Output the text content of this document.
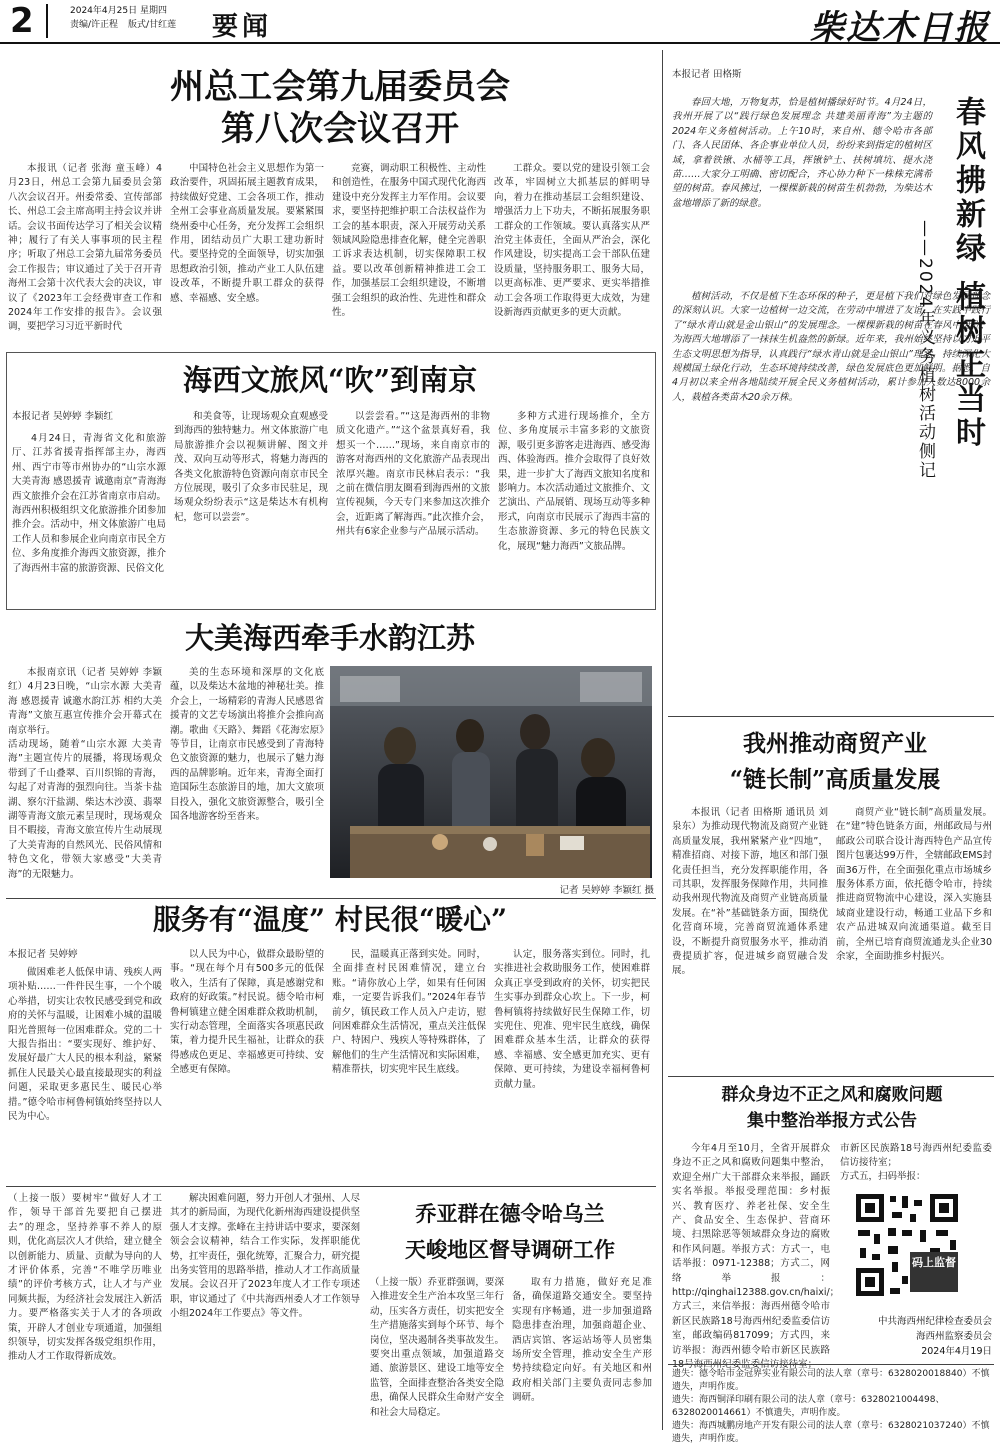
2	2024年4月25日 星期四
责编/许正程 版式/甘红莲	要闻	柴达木日报
州总工会第九届委员会
第八次会议召开
本报讯（记者 张海 童玉峰）4月23日，州总工会第九届委员会第八次会议召开。州委常委、宣传部部长、州总工会主席高明主持会议并讲话。会议书面传达学习了相关会议精神；履行了有关人事事项的民主程序；听取了州总工会第九届常务委员会工作报告；审议通过了关于召开青海州工会第十次代表大会的决议，审议了《2023年工会经费审查工作和2024年工作安排的报告》。会议强调，要把学习习近平新时代
中国特色社会主义思想作为第一政治要件，巩固拓展主题教育成果，持续做好党建、工会各项工作，推动全州工会事业高质量发展。要紧紧围绕州委中心任务，充分发挥工会组织作用，团结动员广大职工建功新时代。要坚持党的全面领导，切实加强思想政治引领，推动产业工人队伍建设改革，不断提升职工群众的获得感、幸福感、安全感。
竞赛，调动职工积极性、主动性和创造性，在服务中国式现代化海西建设中充分发挥主力军作用。会议要求，要坚持把维护职工合法权益作为工会的基本职责，深入开展劳动关系领域风险隐患排查化解，健全完善职工诉求表达机制，切实保障职工权益。要以改革创新精神推进工会工作，加强基层工会组织建设，不断增强工会组织的政治性、先进性和群众性。
工群众。要以党的建设引领工会改革，牢固树立大抓基层的鲜明导向，着力在推动基层工会组织建设、增强活力上下功夫，不断拓展服务职工群众的工作领域。要认真落实从严治党主体责任，全面从严治会，深化作风建设，切实提高工会干部队伍建设质量，坚持服务职工、服务大局，以更高标准、更严要求、更实举措推动工会各项工作取得更大成效，为建设新海西贡献更多的更大贡献。
海西文旅风“吹”到南京
本报记者 吴婷婷 李颖红
4月24日，青海省文化和旅游厅、江苏省援青指挥部主办，海西州、西宁市等市州协办的“山宗水源 大美青海 感恩援青 诚邀南京”青海海西文旅推介会在江苏省南京市启动。海西州积极组织文化旅游推介团参加推介会。活动中，州文体旅游广电局工作人员和参展企业向南京市民全方位、多角度推介海西文旅资源，推介了海西州丰富的旅游资源、民俗文化
和美食等，让现场观众直观感受到海西的独特魅力。州文体旅游广电局旅游推介会以视频讲解、图文并茂、双向互动等形式，将魅力海西的各类文化旅游特色资源向南京市民全方位展现，吸引了众多市民驻足，现场观众纷纷表示“这是柴达木有机枸杞，您可以尝尝”。
以尝尝看。”“这是海西州的非物质文化遗产。”“这个盆景真好看，我想买一个……”现场，来自南京市的游客对海西州的文化旅游产品表现出浓厚兴趣。南京市民林启表示：“我之前在微信朋友圈看到海西州的文旅宣传视频，今天专门来参加这次推介会，近距离了解海西。”此次推介会，州共有6家企业参与产品展示活动。
多种方式进行现场推介，全方位、多角度展示丰富多彩的文旅资源，吸引更多游客走进海西、感受海西、体验海西。推介会取得了良好效果，进一步扩大了海西文旅知名度和影响力。本次活动通过文旅推介、文艺演出、产品展销、现场互动等多种形式，向南京市民展示了海西丰富的生态旅游资源、多元的特色民族文化，展现“魅力海西”文旅品牌。
大美海西牵手水韵江苏
本报南京讯（记者 吴婷婷 李颖红）4月23日晚，“山宗水源 大美青海 感恩援青 诚邀水韵江苏 相约大美青海”文旅互惠宣传推介会开幕式在南京举行。
活动现场，随着“山宗水源 大美青海”主题宣传片的展播，将现场观众带到了千山叠翠、百川织锦的青海，勾起了对青海的强烈向往。当茶卡盐湖、察尔汗盐湖、柴达木沙漠、翡翠湖等青海文旅元素呈现时，现场观众目不暇接，青海文旅宣传片生动展现了大美青海的自然风光、民俗风情和特色文化，带领大家感受“大美青海”的无限魅力。
美的生态环境和深厚的文化底蕴，以及柴达木盆地的神秘壮美。推介会上，一场精彩的青海人民感恩省援青的文艺专场演出将推介会推向高潮。歌曲《天路》、舞蹈《花海宏原》等节目，让南京市民感受到了青海特色文旅资源的魅力，也展示了魅力海西的品牌影响。近年来，青海全面打造国际生态旅游目的地，加大文旅项目投入，强化文旅资源整合，吸引全国各地游客纷至沓来。
记者 吴婷婷 李颖红 摄
服务有“温度” 村民很“暖心”
本报记者 吴婷婷
做困难老人低保申请、残疾人两项补贴……一件件民生事，一个个暖心举措，切实让农牧民感受到党和政府的关怀与温暖，让困难小城的温暖阳光普照每一位困难群众。党的二十大报告指出：“要实现好、维护好、发展好最广大人民的根本利益，紧紧抓住人民最关心最直接最现实的利益问题，采取更多惠民生、暖民心举措。”德令哈市柯鲁柯镇始终坚持以人民为中心。
以人民为中心，做群众最盼望的事。“现在每个月有500多元的低保收入，生活有了保障，真是感谢党和政府的好政策。”村民说。德令哈市柯鲁柯镇建立健全困难群众救助机制，实行动态管理，全面落实各项惠民政策，着力提升民生福祉，让群众的获得感成色更足、幸福感更可持续、安全感更有保障。
民，温暖真正落到实处。同时，全面排查村民困难情况，建立台账。“请你放心上学，如果有任何困难，一定要告诉我们。”2024年春节前夕，镇民政工作人员入户走访，慰问困难群众生活情况，重点关注低保户、特困户、残疾人等特殊群体，了解他们的生产生活情况和实际困难，精准帮扶，切实兜牢民生底线。
认定，服务落实到位。同时，扎实推进社会救助服务工作，使困难群众真正享受到政府的关怀，切实把民生实事办到群众心坎上。下一步，柯鲁柯镇将持续做好民生保障工作，切实兜住、兜准、兜牢民生底线，确保困难群众基本生活，让群众的获得感、幸福感、安全感更加充实、更有保障、更可持续，为建设幸福柯鲁柯贡献力量。
（上接一版）要树牢“做好人才工作，领导干部首先要把自己摆进去”的理念，坚持养事不养人的原则，优化高层次人才供给，建立健全以创新能力、质量、贡献为导向的人才评价体系，完善“不唯学历唯业绩”的评价考核方式，让人才与产业同频共振，为经济社会发展注入新活力。要严格落实关于人才的各项政策，开辟人才创业专项通道，加强组织领导，切实发挥各级党组织作用，推动人才工作取得新成效。
解决困难问题，努力开创人才强州、人尽其才的新局面，为现代化新州海西建设提供坚强人才支撑。张峰在主持讲话中要求，要深刻领会会议精神，结合工作实际，发挥职能优势，扛牢责任，强化统筹，汇聚合力，研究提出务实管用的思路举措，推动人才工作高质量发展。会议召开了2023年度人才工作专项述职，审议通过了《中共海西州委人才工作领导小组2024年工作要点》等文件。
乔亚群在德令哈乌兰
天峻地区督导调研工作
（上接一版）乔亚群强调，要深入推进安全生产治本攻坚三年行动，压实各方责任，切实把安全生产措施落实到每个环节、每个岗位，坚决遏制各类事故发生。要突出重点领域，加强道路交通、旅游景区、建设工地等安全监管，全面排查整治各类安全隐患，确保人民群众生命财产安全和社会大局稳定。
取有力措施，做好充足准备，确保道路交通安全。要坚持实现有序畅通，进一步加强道路隐患排查治理，加强商超企业、酒店宾馆、客运站场等人员密集场所安全管理，推动安全生产形势持续稳定向好。有关地区和州政府相关部门主要负责同志参加调研。
本报记者 田格斯
春回大地，万物复苏，恰是植树播绿好时节。4月24日，我州开展了以“践行绿色发展理念 共建美丽青海”为主题的2024年义务植树活动。上午10时，来自州、德令哈市各部门、各人民团体、各企事业单位人员，纷纷来到指定的植树区域，拿着铁锹、水桶等工具，挥锹铲土、扶树填坑、提水浇苗……大家分工明确、密切配合，齐心协力种下一株株充满希望的树苗。春风拂过，一棵棵新栽的树苗生机勃勃，为柴达木盆地增添了新的绿意。	春风拂新绿 植树正当时
——2024年义务植树活动侧记
植树活动，不仅是植下生态环保的种子，更是植下我们对绿色发展理念的深刻认识。大家一边植树一边交流，在劳动中增进了友谊，在实践中践行了“绿水青山就是金山银山”的发展理念。一棵棵新栽的树苗在春风中挺立，为海西大地增添了一抹抹生机盎然的新绿。近年来，我州始终坚持以习近平生态文明思想为指导，认真践行“绿水青山就是金山银山”理念，持续深化大规模国土绿化行动，生态环境持续改善，绿色发展底色更加鲜明。据悉，自4月初以来全州各地陆续开展全民义务植树活动，累计参加人数达8000余人，栽植各类苗木20余万株。
我州推动商贸产业
“链长制”高质量发展
本报讯（记者 田格斯 通讯员 刘泉东）为推动现代物流及商贸产业链高质量发展，我州紧紧产业“四地”，精准招商、对接下游，地区和部门强化责任担当，充分发挥职能作用，各司其职，发挥服务保障作用，共同推动我州现代物流及商贸产业链高质量发展。在“补”基础链条方面，围绕优化营商环境，完善商贸流通体系建设，不断提升商贸服务水平，推动消费提质扩容，促进城乡商贸融合发展。
商贸产业“链长制”高质量发展。在“建”特色链条方面，州邮政局与州邮政公司联合设计海西特色产品宣传图片包裹达99万件，全辖邮政EMS封面36万件，在全面强化重点市场城乡服务体系方面，依托德令哈市，持续推进商贸物流中心建设，深入实施县域商业建设行动，畅通工业品下乡和农产品进城双向流通渠道。截至目前，全州已培育商贸流通龙头企业30余家，全面助推乡村振兴。
群众身边不正之风和腐败问题
集中整治举报方式公告
今年4月至10月，全省开展群众身边不正之风和腐败问题集中整治，欢迎全州广大干部群众来举报，踊跃实名举报。举报受理范围：乡村振兴、教育医疗、养老社保、安全生产、食品安全、生态保护、营商环境、扫黑除恶等领域群众身边的腐败和作风问题。举报方式：方式一，电话举报：0971-12388；方式二，网络举报：http://qinghai12388.gov.cn/haixi/；方式三，来信举报：海西州德令哈市新区民族路18号海西州纪委监委信访室，邮政编码817099；方式四，来访举报：海西州德令哈市新区民族路
市新区民族路18号海西州纪委监委信访接待室；
方式五，扫码举报：
码上监督
中共海西州纪律检查委员会
海西州监察委员会
2024年4月19日
遗失：德令哈市金冠界实业有限公司的法人章（章号：6328020018840）不慎遗失，声明作废。
遗失：海西铜泽印刷有限公司的法人章（章号：6328021004498、6328020014661）不慎遗失，声明作废。
遗失：海西城鹏房地产开发有限公司的法人章（章号：6328021037240）不慎遗失，声明作废。
